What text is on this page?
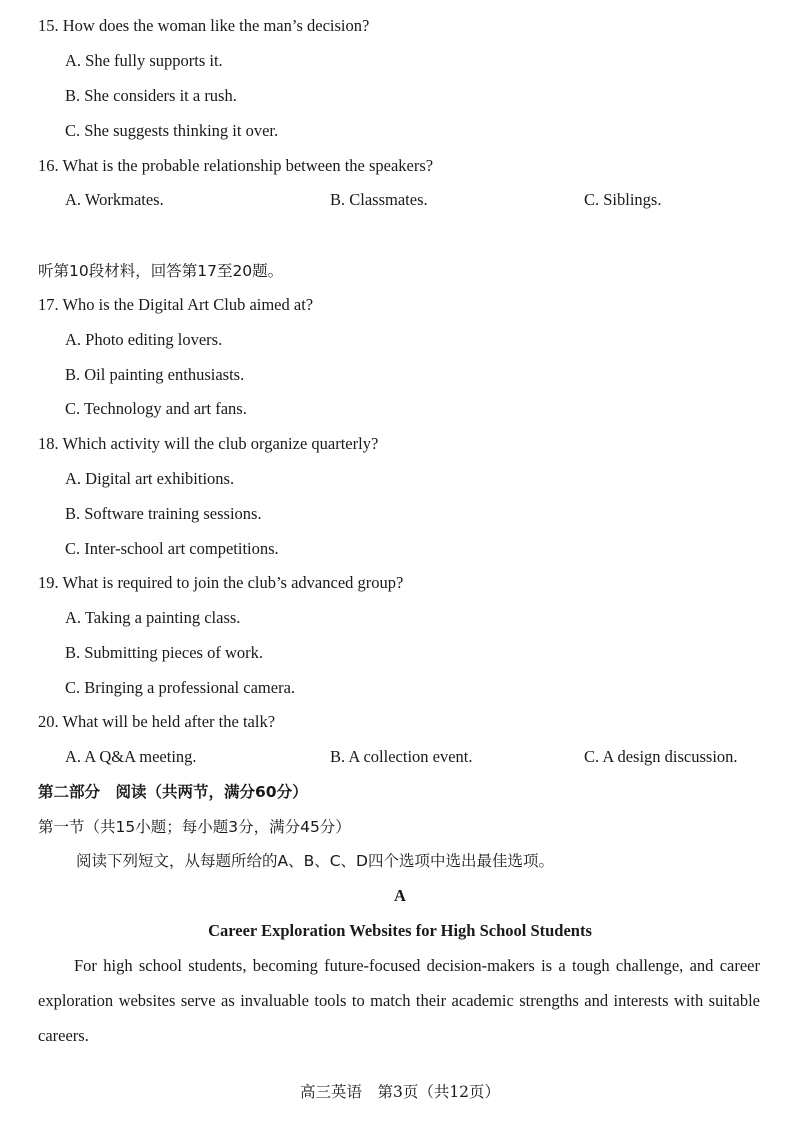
15. How does the woman like the man’s decision?
A. She fully supports it.
B. She considers it a rush.
C. She suggests thinking it over.
16. What is the probable relationship between the speakers?
A. Workmates.	B. Classmates.	C. Siblings.
听第10段材料，回答第17至20题。
17. Who is the Digital Art Club aimed at?
A. Photo editing lovers.
B. Oil painting enthusiasts.
C. Technology and art fans.
18. Which activity will the club organize quarterly?
A. Digital art exhibitions.
B. Software training sessions.
C. Inter-school art competitions.
19. What is required to join the club’s advanced group?
A. Taking a painting class.
B. Submitting pieces of work.
C. Bringing a professional camera.
20. What will be held after the talk?
A. A Q&A meeting.	B. A collection event.	C. A design discussion.
第二部分　阅读（共两节，满分60分）
第一节（共15小题；每小题3分，满分45分）
阅读下列短文，从每题所给的A、B、C、D四个选项中选出最佳选项。
A
Career Exploration Websites for High School Students
For high school students, becoming future-focused decision-makers is a tough challenge, and career exploration websites serve as invaluable tools to match their academic strengths and interests with suitable careers.
高三英语　第3页（共12页）
